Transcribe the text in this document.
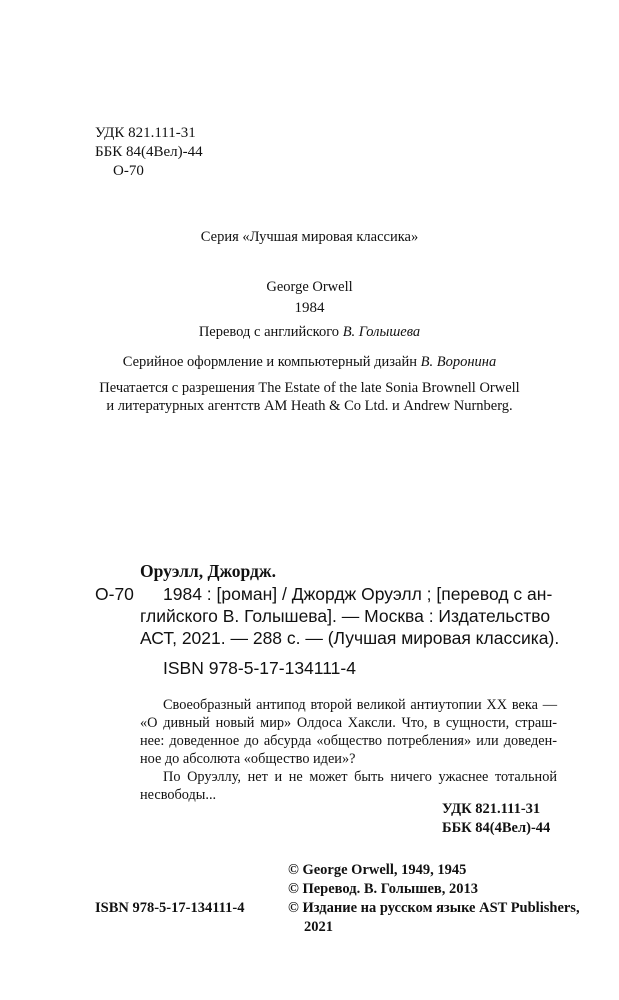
УДК 821.111-31
ББК 84(4Вел)-44
О-70
Серия «Лучшая мировая классика»
George Orwell
1984
Перевод с английского В. Голышева
Серийное оформление и компьютерный дизайн В. Воронина
Печатается с разрешения The Estate of the late Sonia Brownell Orwell
и литературных агентств AM Heath & Co Ltd. и Andrew Nurnberg.
Оруэлл, Джордж.
О-70 1984 : [роман] / Джордж Оруэлл ; [перевод с ан-
глийского В. Голышева]. — Москва : Издательство
АСТ, 2021. — 288 с. — (Лучшая мировая классика).
ISBN 978-5-17-134111-4
Своеобразный антипод второй великой антиутопии XX века —
«О дивный новый мир» Олдоса Хаксли. Что, в сущности, страш-
нее: доведенное до абсурда «общество потребления» или доведен-
ное до абсолюта «общество идеи»?
По Оруэллу, нет и не может быть ничего ужаснее тотальной
несвободы...
УДК 821.111-31
ББК 84(4Вел)-44
© George Orwell, 1949, 1945
© Перевод. В. Голышев, 2013
© Издание на русском языке AST Publishers,
2021
ISBN 978-5-17-134111-4
